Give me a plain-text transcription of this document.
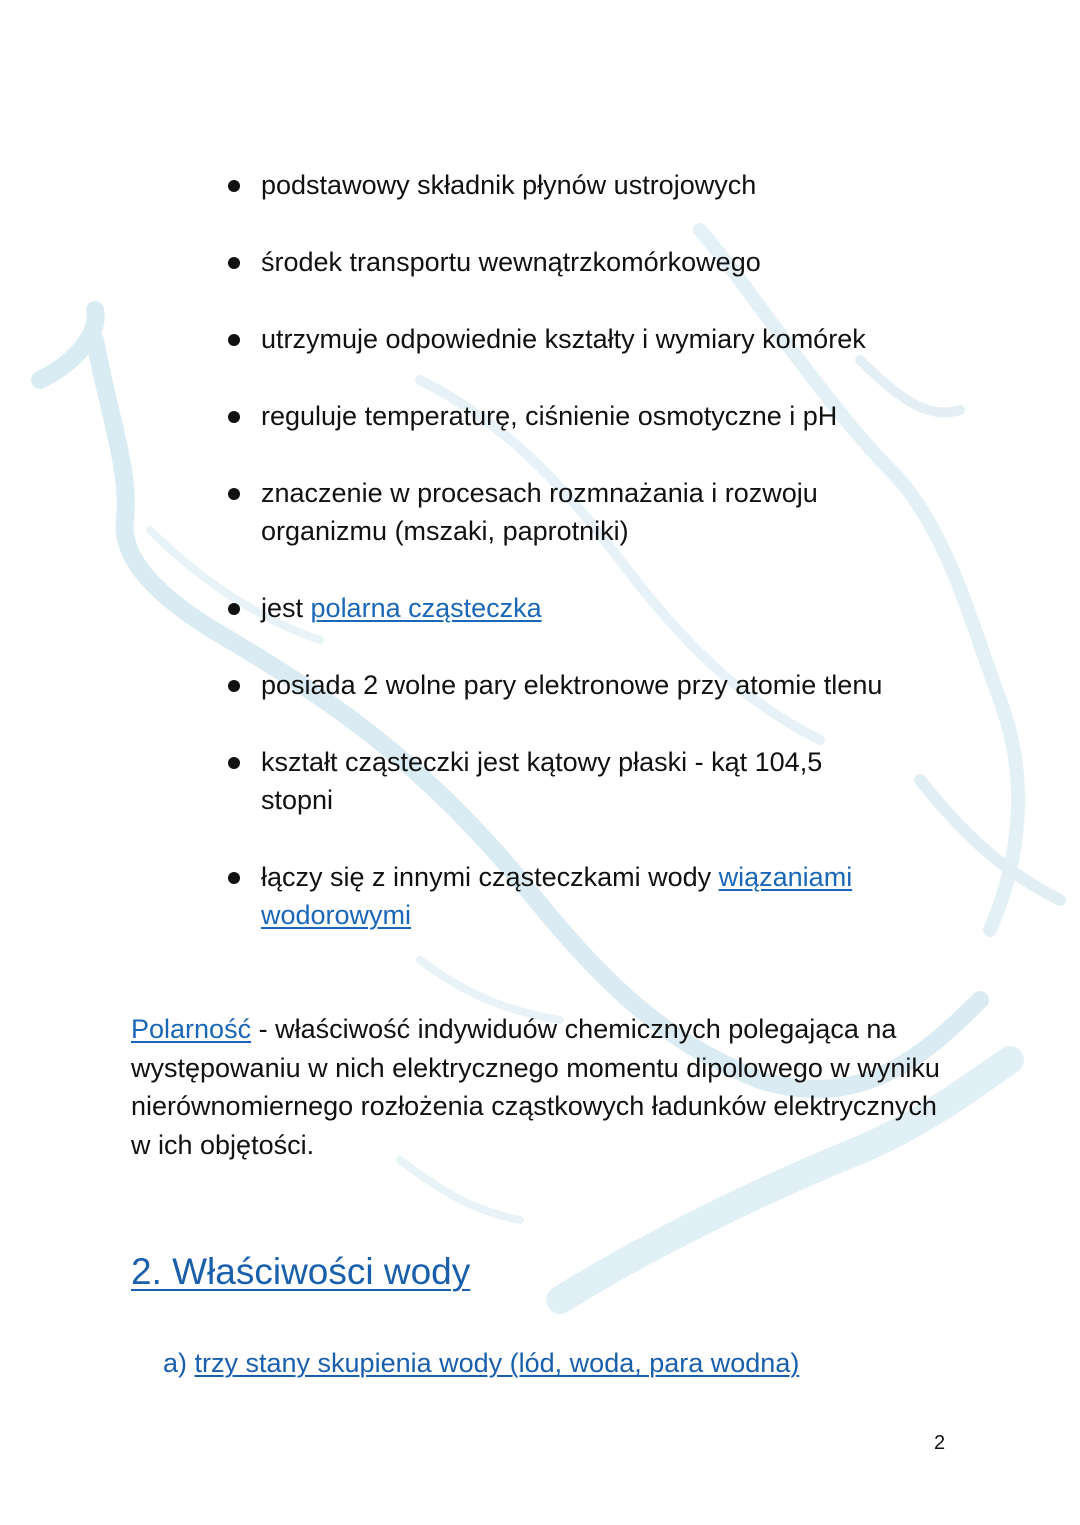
podstawowy składnik płynów ustrojowych
środek transportu wewnątrzkomórkowego
utrzymuje odpowiednie kształty i wymiary komórek
reguluje temperaturę, ciśnienie osmotyczne i pH
znaczenie w procesach rozmnażania i rozwoju organizmu (mszaki, paprotniki)
jest polarna cząsteczka
posiada 2 wolne pary elektronowe przy atomie tlenu
kształt cząsteczki jest kątowy płaski - kąt 104,5 stopni
łączy się z innymi cząsteczkami wody wiązaniami wodorowymi

Polarność - właściwość indywiduów chemicznych polegająca na występowaniu w nich elektrycznego momentu dipolowego w wyniku nierównomiernego rozłożenia cząstkowych ładunków elektrycznych w ich objętości.

2. Właściwości wody
a) trzy stany skupienia wody (lód, woda, para wodna)
2
